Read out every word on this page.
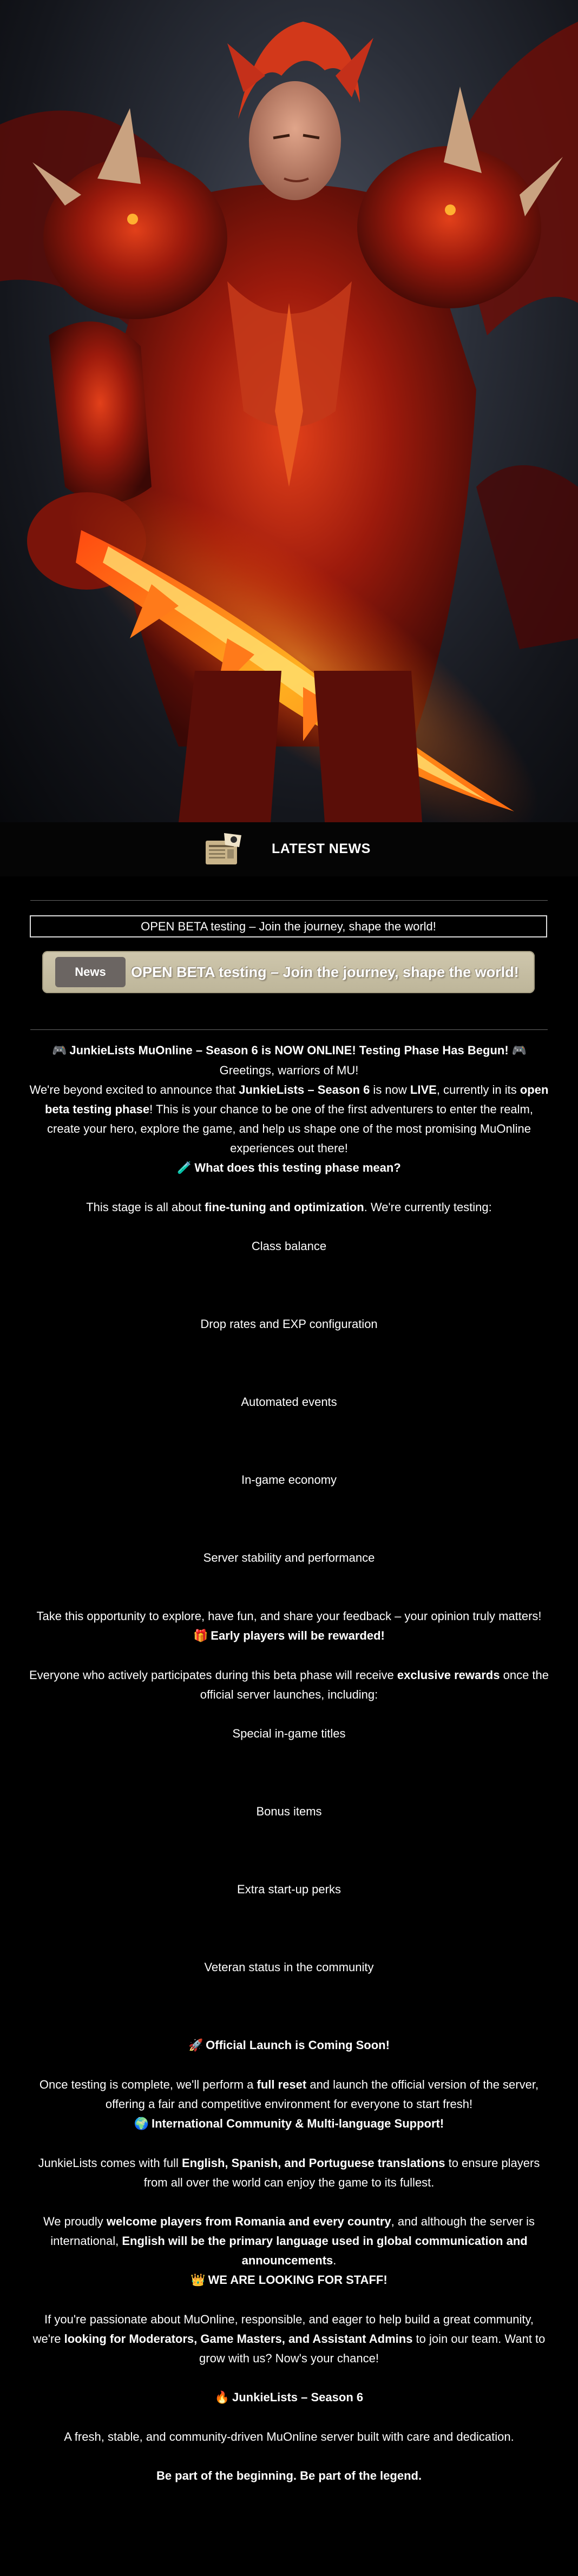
LATEST NEWS
OPEN BETA testing – Join the journey, shape the world!
News	OPEN BETA testing – Join the journey, shape the world!
🎮 JunkieLists MuOnline – Season 6 is NOW ONLINE! Testing Phase Has Begun! 🎮
Greetings, warriors of MU!
We're beyond excited to announce that JunkieLists – Season 6 is now LIVE, currently in its open beta testing phase! This is your chance to be one of the first adventurers to enter the realm, create your hero, explore the game, and help us shape one of the most promising MuOnline experiences out there!
🧪 What does this testing phase mean?
This stage is all about fine-tuning and optimization. We're currently testing:
Class balance
Drop rates and EXP configuration
Automated events
In-game economy
Server stability and performance
Take this opportunity to explore, have fun, and share your feedback – your opinion truly matters!
🎁 Early players will be rewarded!
Everyone who actively participates during this beta phase will receive exclusive rewards once the official server launches, including:
Special in-game titles
Bonus items
Extra start-up perks
Veteran status in the community
🚀 Official Launch is Coming Soon!
Once testing is complete, we'll perform a full reset and launch the official version of the server, offering a fair and competitive environment for everyone to start fresh!
🌍 International Community & Multi-language Support!
JunkieLists comes with full English, Spanish, and Portuguese translations to ensure players from all over the world can enjoy the game to its fullest.
We proudly welcome players from Romania and every country, and although the server is international, English will be the primary language used in global communication and announcements.
👑 WE ARE LOOKING FOR STAFF!
If you're passionate about MuOnline, responsible, and eager to help build a great community, we're looking for Moderators, Game Masters, and Assistant Admins to join our team. Want to grow with us? Now's your chance!
🔥 JunkieLists – Season 6
A fresh, stable, and community-driven MuOnline server built with care and dedication.
Be part of the beginning. Be part of the legend.
